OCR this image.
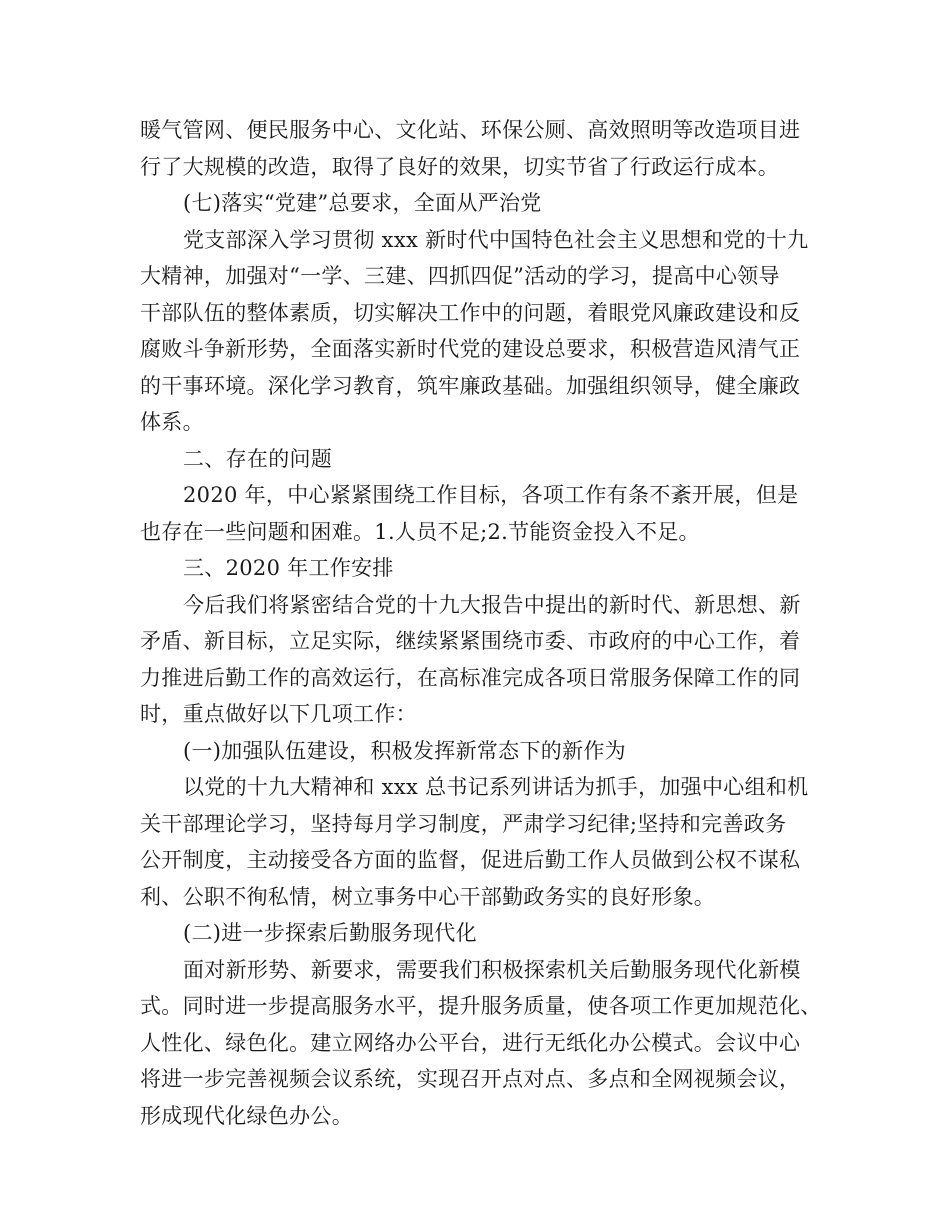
暖气管网、便民服务中心、文化站、环保公厕、高效照明等改造项目进
行了大规模的改造，取得了良好的效果，切实节省了行政运行成本。
(七)落实“党建”总要求，全面从严治党
党支部深入学习贯彻 xxx 新时代中国特色社会主义思想和党的十九
大精神，加强对“一学、三建、四抓四促”活动的学习，提高中心领导
干部队伍的整体素质，切实解决工作中的问题，着眼党风廉政建设和反
腐败斗争新形势，全面落实新时代党的建设总要求，积极营造风清气正
的干事环境。深化学习教育，筑牢廉政基础。加强组织领导，健全廉政
体系。
二、存在的问题
2020 年，中心紧紧围绕工作目标，各项工作有条不紊开展，但是
也存在一些问题和困难。1.人员不足;2.节能资金投入不足。
三、2020 年工作安排
今后我们将紧密结合党的十九大报告中提出的新时代、新思想、新
矛盾、新目标，立足实际，继续紧紧围绕市委、市政府的中心工作，着
力推进后勤工作的高效运行，在高标准完成各项日常服务保障工作的同
时，重点做好以下几项工作：
(一)加强队伍建设，积极发挥新常态下的新作为
以党的十九大精神和 xxx 总书记系列讲话为抓手，加强中心组和机
关干部理论学习，坚持每月学习制度，严肃学习纪律;坚持和完善政务
公开制度，主动接受各方面的监督，促进后勤工作人员做到公权不谋私
利、公职不徇私情，树立事务中心干部勤政务实的良好形象。
(二)进一步探索后勤服务现代化
面对新形势、新要求，需要我们积极探索机关后勤服务现代化新模
式。同时进一步提高服务水平，提升服务质量，使各项工作更加规范化、
人性化、绿色化。建立网络办公平台，进行无纸化办公模式。会议中心
将进一步完善视频会议系统，实现召开点对点、多点和全网视频会议，
形成现代化绿色办公。
